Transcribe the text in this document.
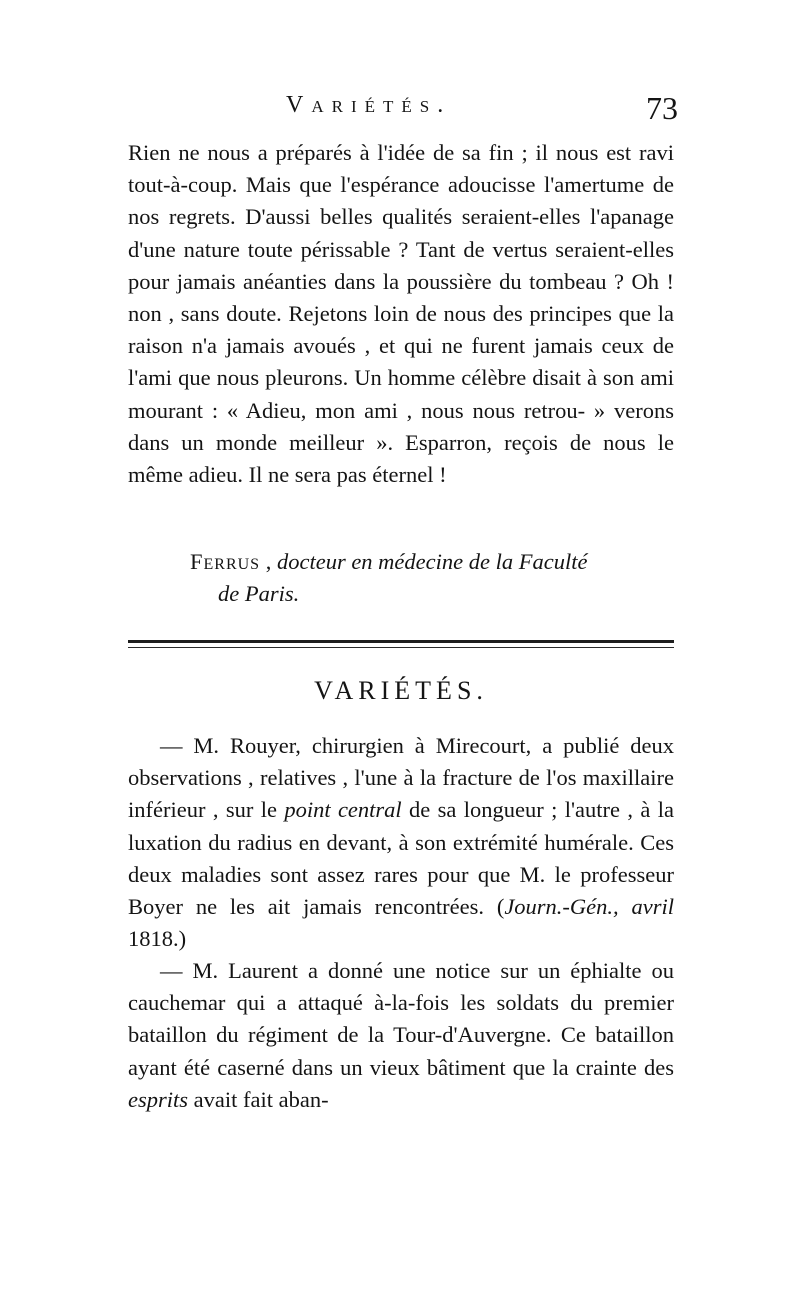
Variétés.	73

Rien ne nous a préparés à l'idée de sa fin ; il nous est ravi tout-à-coup. Mais que l'espérance adoucisse l'amertume de nos regrets. D'aussi belles qualités seraient-elles l'apanage d'une nature toute périssable ? Tant de vertus seraient-elles pour jamais anéanties dans la poussière du tombeau ? Oh ! non , sans doute. Rejetons loin de nous des principes que la raison n'a jamais avoués , et qui ne furent jamais ceux de l'ami que nous pleurons. Un homme célèbre disait à son ami mourant : « Adieu, mon ami , nous nous retrou- » verons dans un monde meilleur ». Esparron, reçois de nous le même adieu. Il ne sera pas éternel !

Ferrus , docteur en médecine de la Faculté
de Paris.
VARIÉTÉS.

— M. Rouyer, chirurgien à Mirecourt, a publié deux observations , relatives , l'une à la fracture de l'os maxillaire inférieur , sur le point central de sa longueur ; l'autre , à la luxation du radius en devant, à son extrémité humérale. Ces deux maladies sont assez rares pour que M. le professeur Boyer ne les ait jamais rencontrées. (Journ.-Gén., avril 1818.)

— M. Laurent a donné une notice sur un éphialte ou cauchemar qui a attaqué à-la-fois les soldats du premier bataillon du régiment de la Tour-d'Auvergne. Ce bataillon ayant été caserné dans un vieux bâtiment que la crainte des esprits avait fait aban-
